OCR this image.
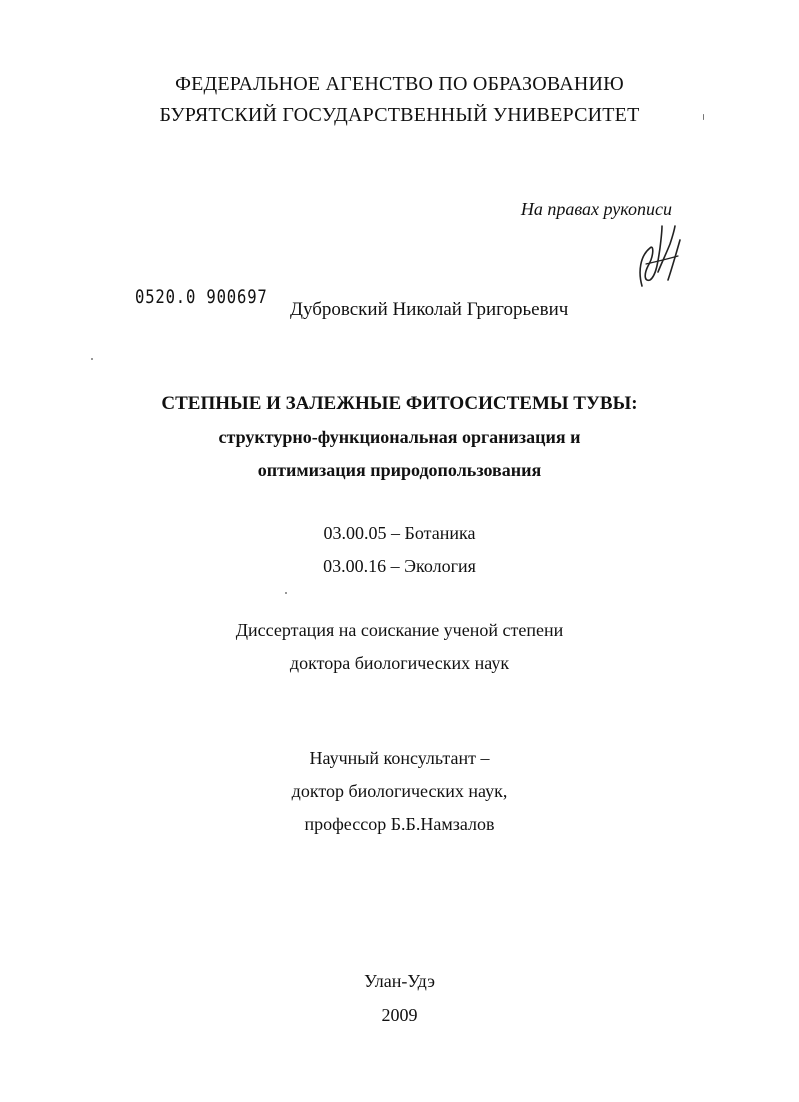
ФЕДЕРАЛЬНОЕ АГЕНСТВО ПО ОБРАЗОВАНИЮ
БУРЯТСКИЙ ГОСУДАРСТВЕННЫЙ УНИВЕРСИТЕТ
На правах рукописи
0520.0 900697
Дубровский Николай Григорьевич
СТЕПНЫЕ И ЗАЛЕЖНЫЕ ФИТОСИСТЕМЫ ТУВЫ:
структурно-функциональная организация и
оптимизация природопользования
03.00.05 – Ботаника
03.00.16 – Экология
Диссертация на соискание ученой степени
доктора биологических наук
Научный консультант –
доктор биологических наук,
профессор Б.Б.Намзалов
Улан-Удэ
2009
